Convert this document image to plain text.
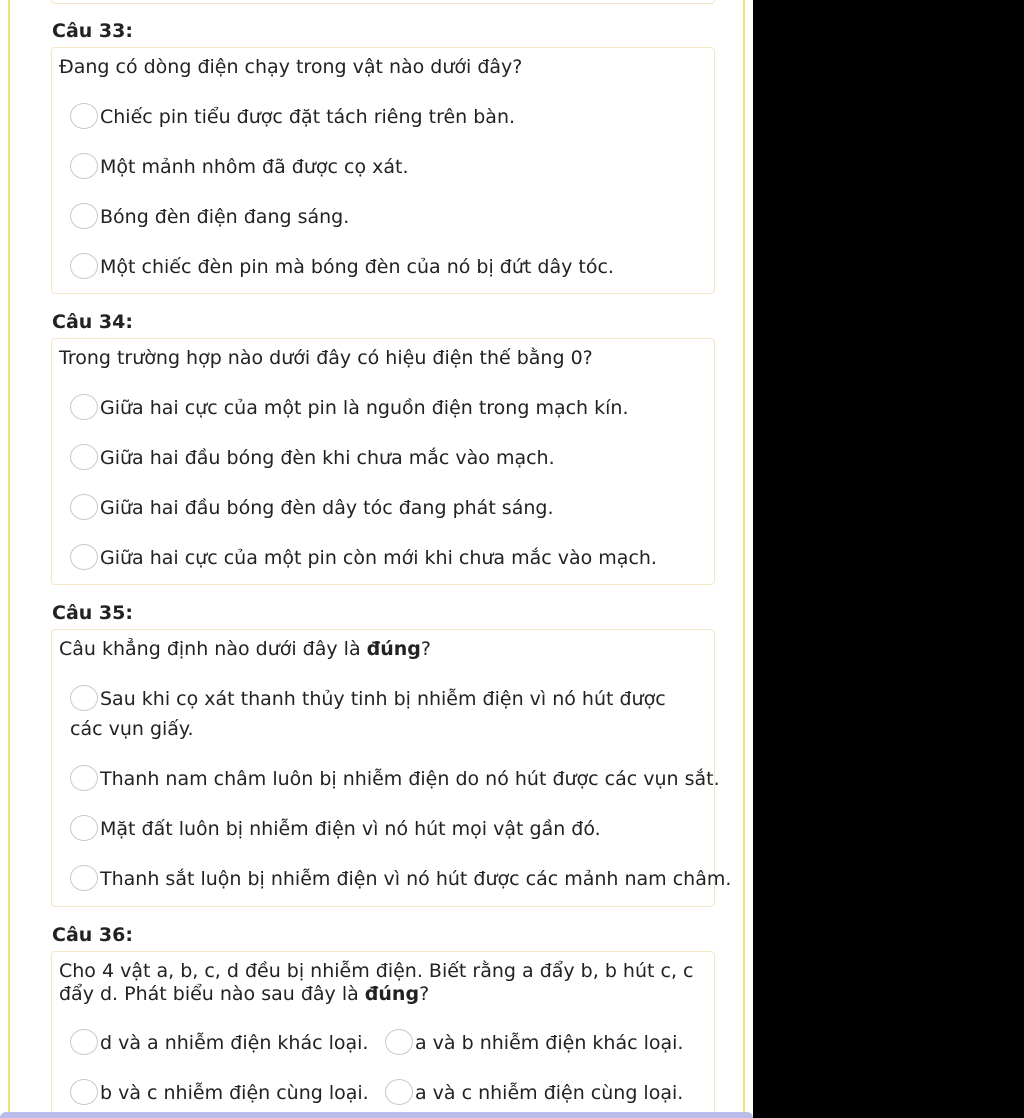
Câu 33:
Đang có dòng điện chạy trong vật nào dưới đây?
Chiếc pin tiểu được đặt tách riêng trên bàn.
Một mảnh nhôm đã được cọ xát.
Bóng đèn điện đang sáng.
Một chiếc đèn pin mà bóng đèn của nó bị đứt dây tóc.
Câu 34:
Trong trường hợp nào dưới đây có hiệu điện thế bằng 0?
Giữa hai cực của một pin là nguồn điện trong mạch kín.
Giữa hai đầu bóng đèn khi chưa mắc vào mạch.
Giữa hai đầu bóng đèn dây tóc đang phát sáng.
Giữa hai cực của một pin còn mới khi chưa mắc vào mạch.
Câu 35:
Câu khẳng định nào dưới đây là đúng?
Sau khi cọ xát thanh thủy tinh bị nhiễm điện vì nó hút được các vụn giấy.
Thanh nam châm luôn bị nhiễm điện do nó hút được các vụn sắt.
Mặt đất luôn bị nhiễm điện vì nó hút mọi vật gần đó.
Thanh sắt luộn bị nhiễm điện vì nó hút được các mảnh nam châm.
Câu 36:
Cho 4 vật a, b, c, d đều bị nhiễm điện. Biết rằng a đẩy b, b hút c, c đẩy d. Phát biểu nào sau đây là đúng?
d và a nhiễm điện khác loại.	a và b nhiễm điện khác loại.
b và c nhiễm điện cùng loại.	a và c nhiễm điện cùng loại.
